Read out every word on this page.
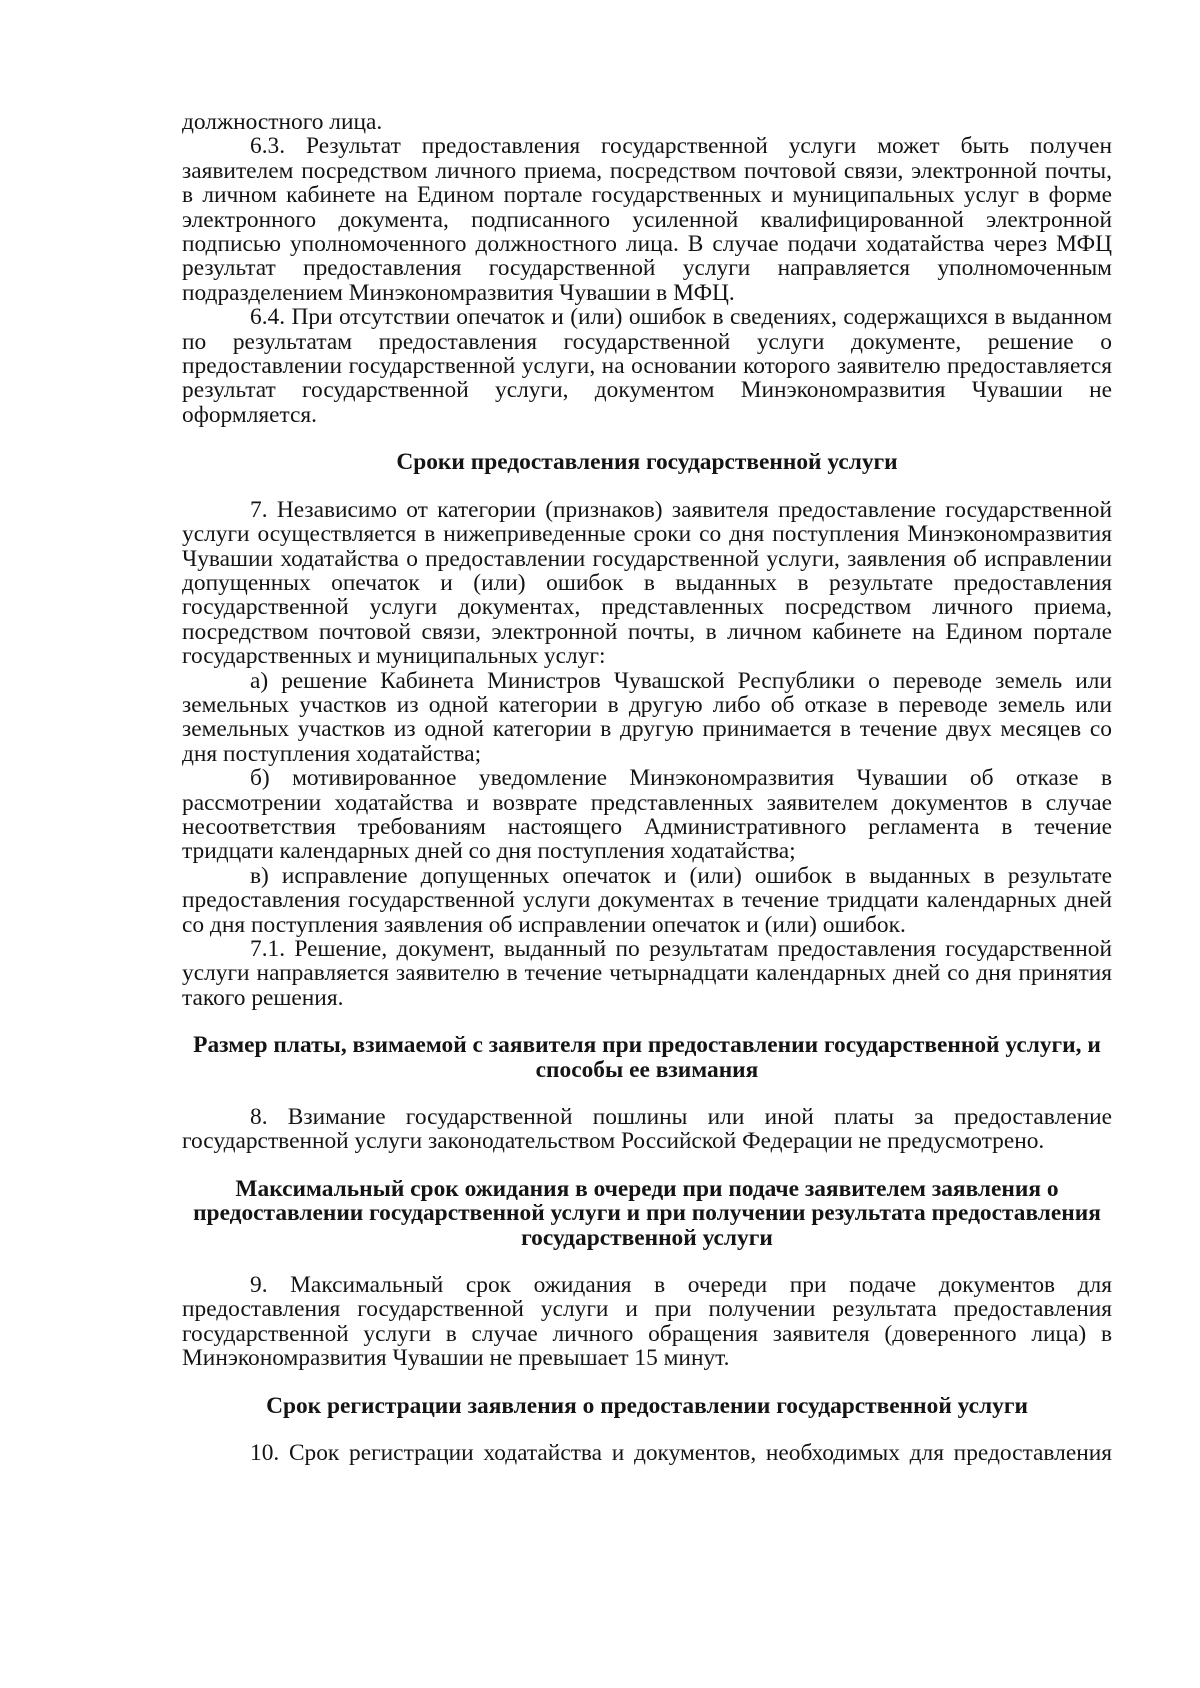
должностного лица.

6.3. Результат предоставления государственной услуги может быть получен заявителем посредством личного приема, посредством почтовой связи, электронной почты, в личном кабинете на Едином портале государственных и муниципальных услуг в форме электронного документа, подписанного усиленной квалифицированной электронной подписью уполномоченного должностного лица. В случае подачи ходатайства через МФЦ результат предоставления государственной услуги направляется уполномоченным подразделением Минэкономразвития Чувашии в МФЦ.

6.4. При отсутствии опечаток и (или) ошибок в сведениях, содержащихся в выданном по результатам предоставления государственной услуги документе, решение о предоставлении государственной услуги, на основании которого заявителю предоставляется результат государственной услуги, документом Минэкономразвития Чувашии не оформляется.

Сроки предоставления государственной услуги

7. Независимо от категории (признаков) заявителя предоставление государственной услуги осуществляется в нижеприведенные сроки со дня поступления Минэкономразвития Чувашии ходатайства о предоставлении государственной услуги, заявления об исправлении допущенных опечаток и (или) ошибок в выданных в результате предоставления государственной услуги документах, представленных посредством личного приема, посредством почтовой связи, электронной почты, в личном кабинете на Едином портале государственных и муниципальных услуг:

а) решение Кабинета Министров Чувашской Республики о переводе земель или земельных участков из одной категории в другую либо об отказе в переводе земель или земельных участков из одной категории в другую принимается в течение двух месяцев со дня поступления ходатайства;

б) мотивированное уведомление Минэкономразвития Чувашии об отказе в рассмотрении ходатайства и возврате представленных заявителем документов в случае несоответствия требованиям настоящего Административного регламента в течение тридцати календарных дней со дня поступления ходатайства;

в) исправление допущенных опечаток и (или) ошибок в выданных в результате предоставления государственной услуги документах в течение тридцати календарных дней со дня поступления заявления об исправлении опечаток и (или) ошибок.

7.1. Решение, документ, выданный по результатам предоставления государственной услуги направляется заявителю в течение четырнадцати календарных дней со дня принятия такого решения.

Размер платы, взимаемой с заявителя при предоставлении государственной услуги, и способы ее взимания

8. Взимание государственной пошлины или иной платы за предоставление государственной услуги законодательством Российской Федерации не предусмотрено.

Максимальный срок ожидания в очереди при подаче заявителем заявления о предоставлении государственной услуги и при получении результата предоставления государственной услуги

9. Максимальный срок ожидания в очереди при подаче документов для предоставления государственной услуги и при получении результата предоставления государственной услуги в случае личного обращения заявителя (доверенного лица) в Минэкономразвития Чувашии не превышает 15 минут.

Срок регистрации заявления о предоставлении государственной услуги

10. Срок регистрации ходатайства и документов, необходимых для предоставления
